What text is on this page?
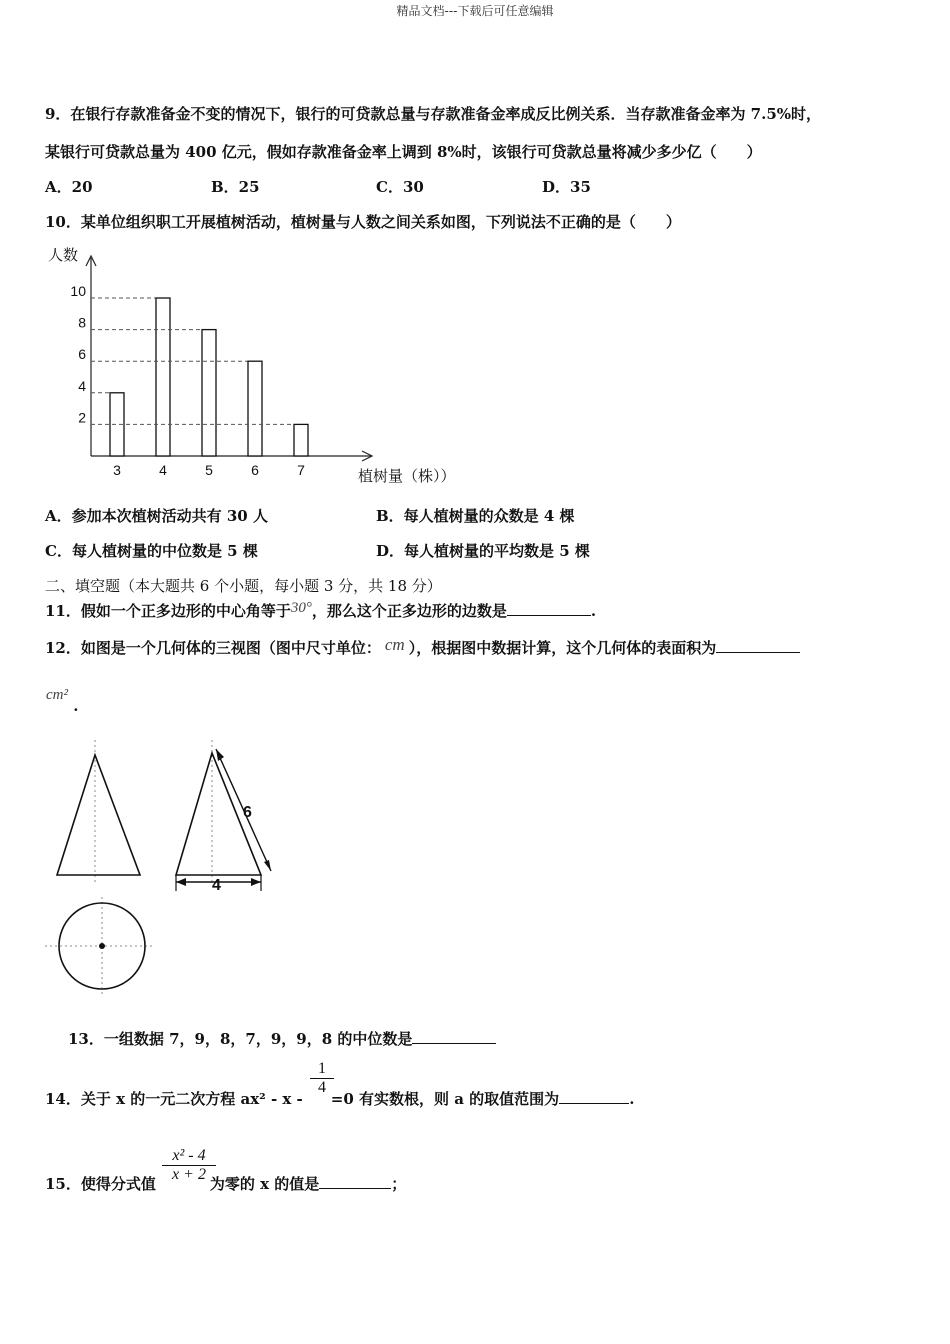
精品文档---下载后可任意编辑
9．在银行存款准备金不变的情况下，银行的可贷款总量与存款准备金率成反比例关系．当存款准备金率为 7.5%时，
某银行可贷款总量为 400 亿元，假如存款准备金率上调到 8%时，该银行可贷款总量将减少多少亿（　　）
A．20	B．25	C．30	D．35
10．某单位组织职工开展植树活动，植树量与人数之间关系如图，下列说法不正确的是（　　）
人数
植树量（株））
3	4	5	6	7
2
4
6
8
10
A．参加本次植树活动共有 30 人	B．每人植树量的众数是 4 棵
C．每人植树量的中位数是 5 棵	D．每人植树量的平均数是 5 棵
二、填空题（本大题共 6 个小题，每小题 3 分，共 18 分）
11．假如一个正多边形的中心角等于30°，那么这个正多边形的边数是	.
12．如图是一个几何体的三视图（图中尺寸单位： cm ），根据图中数据计算，这个几何体的表面积为
cm² .
6
4
13．一组数据 7，9，8，7，9，9，8 的中位数是
14．关于 x 的一元二次方程 ax² - x - =0 有实数根，则 a 的取值范围为	.
$\frac{1}{4}$
15．使得分式值	为零的 x 的值是	；
$\frac{\text{x² - 4}}{x + 2}$
